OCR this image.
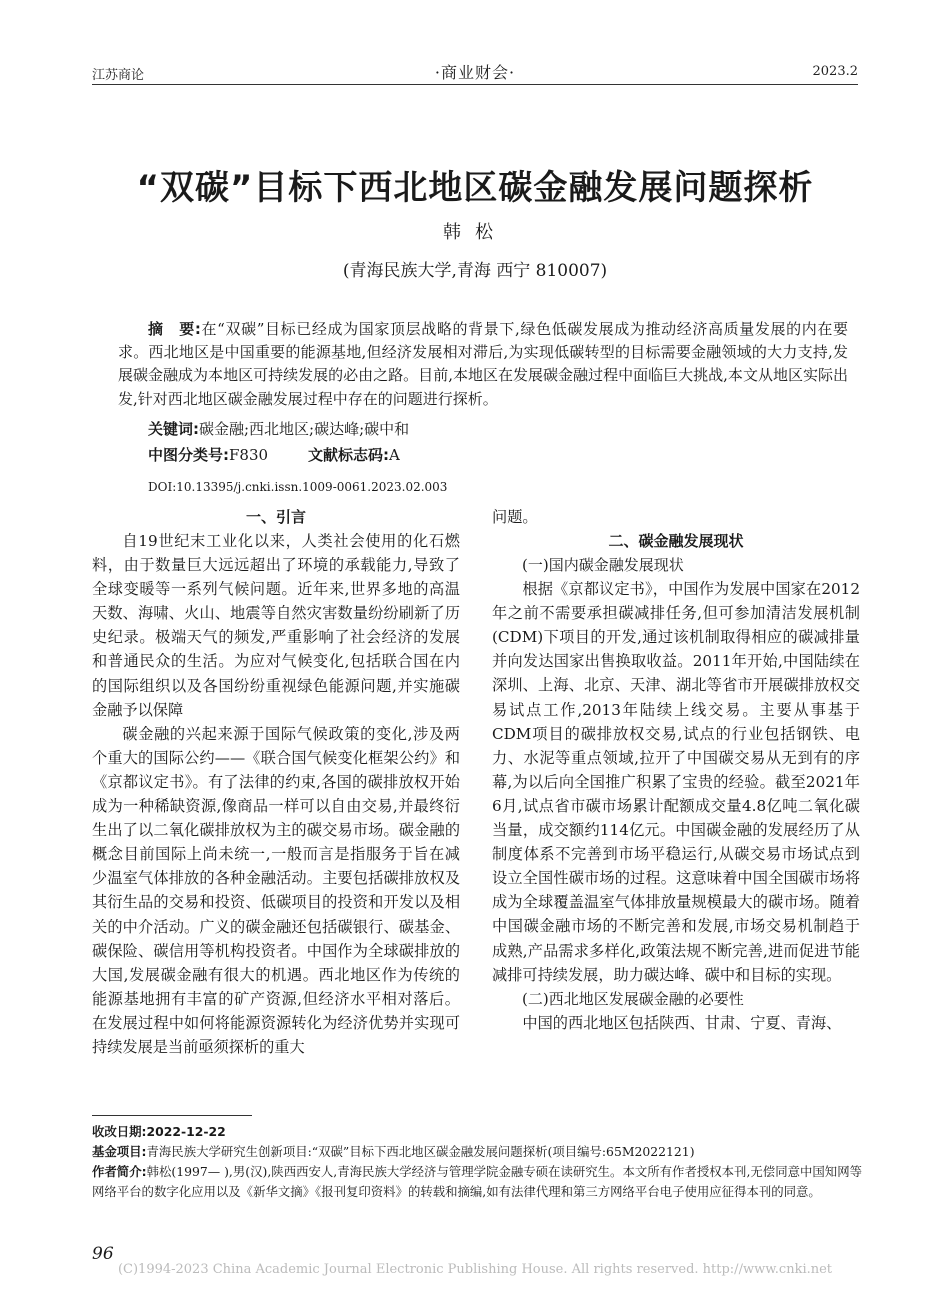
江苏商论	·商业财会·	2023.2
“双碳”目标下西北地区碳金融发展问题探析
韩松
(青海民族大学,青海 西宁 810007)
摘　要:在“双碳”目标已经成为国家顶层战略的背景下,绿色低碳发展成为推动经济高质量发展的内在要求。西北地区是中国重要的能源基地,但经济发展相对滞后,为实现低碳转型的目标需要金融领域的大力支持,发展碳金融成为本地区可持续发展的必由之路。目前,本地区在发展碳金融过程中面临巨大挑战,本文从地区实际出发,针对西北地区碳金融发展过程中存在的问题进行探析。
关键词:碳金融;西北地区;碳达峰;碳中和
中图分类号:F830	文献标志码:A
DOI:10.13395/j.cnki.issn.1009-0061.2023.02.003
一、引言

自19世纪末工业化以来，人类社会使用的化石燃料，由于数量巨大远远超出了环境的承载能力,导致了全球变暖等一系列气候问题。近年来,世界多地的高温天数、海啸、火山、地震等自然灾害数量纷纷刷新了历史纪录。极端天气的频发,严重影响了社会经济的发展和普通民众的生活。为应对气候变化,包括联合国在内的国际组织以及各国纷纷重视绿色能源问题,并实施碳金融予以保障

碳金融的兴起来源于国际气候政策的变化,涉及两个重大的国际公约——《联合国气候变化框架公约》和《京都议定书》。有了法律的约束,各国的碳排放权开始成为一种稀缺资源,像商品一样可以自由交易,并最终衍生出了以二氧化碳排放权为主的碳交易市场。碳金融的概念目前国际上尚未统一,一般而言是指服务于旨在减少温室气体排放的各种金融活动。主要包括碳排放权及其衍生品的交易和投资、低碳项目的投资和开发以及相关的中介活动。广义的碳金融还包括碳银行、碳基金、碳保险、碳信用等机构投资者。中国作为全球碳排放的大国,发展碳金融有很大的机遇。西北地区作为传统的能源基地拥有丰富的矿产资源,但经济水平相对落后。在发展过程中如何将能源资源转化为经济优势并实现可持续发展是当前亟须探析的重大

问题。

二、碳金融发展现状
(一)国内碳金融发展现状

根据《京都议定书》，中国作为发展中国家在2012年之前不需要承担碳减排任务,但可参加清洁发展机制(CDM)下项目的开发,通过该机制取得相应的碳减排量并向发达国家出售换取收益。2011年开始,中国陆续在深圳、上海、北京、天津、湖北等省市开展碳排放权交易试点工作,2013年陆续上线交易。主要从事基于CDM项目的碳排放权交易,试点的行业包括钢铁、电力、水泥等重点领域,拉开了中国碳交易从无到有的序幕,为以后向全国推广积累了宝贵的经验。截至2021年6月,试点省市碳市场累计配额成交量4.8亿吨二氧化碳当量，成交额约114亿元。中国碳金融的发展经历了从制度体系不完善到市场平稳运行,从碳交易市场试点到设立全国性碳市场的过程。这意味着中国全国碳市场将成为全球覆盖温室气体排放量规模最大的碳市场。随着中国碳金融市场的不断完善和发展,市场交易机制趋于成熟,产品需求多样化,政策法规不断完善,进而促进节能减排可持续发展，助力碳达峰、碳中和目标的实现。

(二)西北地区发展碳金融的必要性

中国的西北地区包括陕西、甘肃、宁夏、青海、

收改日期:2022-12-22

基金项目:青海民族大学研究生创新项目:“双碳”目标下西北地区碳金融发展问题探析(项目编号:65M2022121)

作者简介:韩松(1997— ),男(汉),陕西西安人,青海民族大学经济与管理学院金融专硕在读研究生。本文所有作者授权本刊,无偿同意中国知网等网络平台的数字化应用以及《新华文摘》《报刊复印资料》的转载和摘编,如有法律代理和第三方网络平台电子使用应征得本刊的同意。

96
(C)1994-2023 China Academic Journal Electronic Publishing House. All rights reserved. http://www.cnki.net
